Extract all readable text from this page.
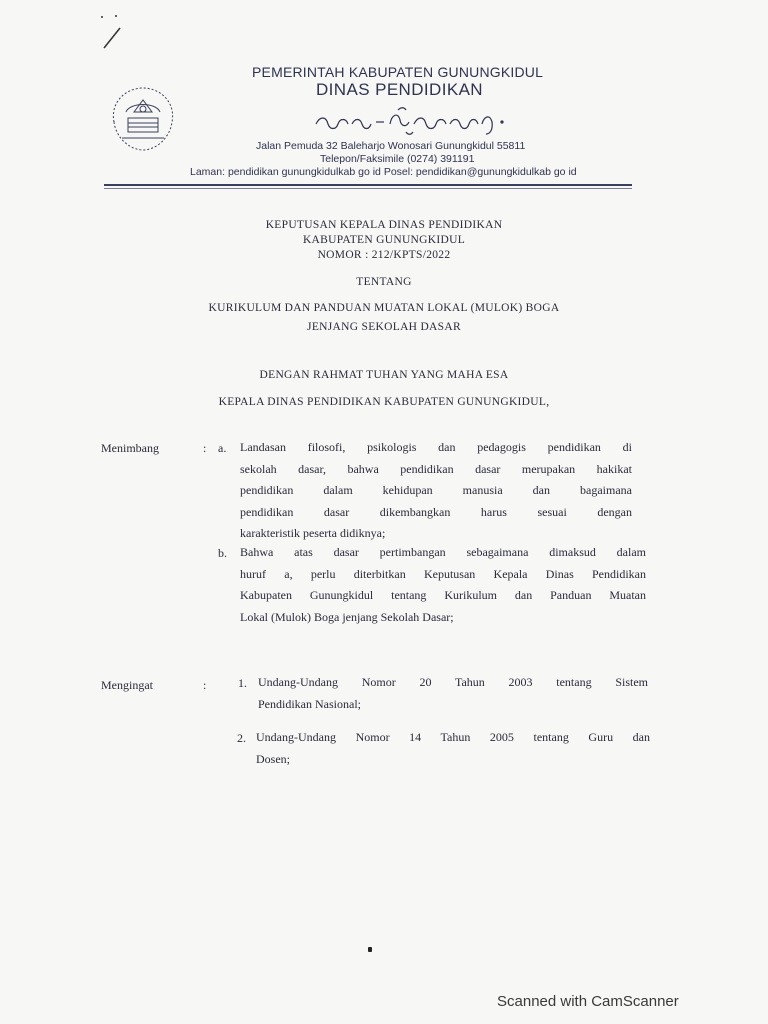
PEMERINTAH KABUPATEN GUNUNGKIDUL
DINAS PENDIDIKAN
Jalan Pemuda 32 Baleharjo Wonosari Gunungkidul 55811
Telepon/Faksimile (0274) 391191
Laman: pendidikan gunungkidulkab go id Posel: pendidikan@gunungkidulkab go id
KEPUTUSAN KEPALA DINAS PENDIDIKAN
KABUPATEN GUNUNGKIDUL
NOMOR : 212/KPTS/2022
TENTANG
KURIKULUM DAN PANDUAN MUATAN LOKAL (MULOK) BOGA
JENJANG SEKOLAH DASAR
DENGAN RAHMAT TUHAN YANG MAHA ESA
KEPALA DINAS PENDIDIKAN KABUPATEN GUNUNGKIDUL,
Menimbang	: a. Landasan filosofi, psikologis dan pedagogis pendidikan di
sekolah dasar, bahwa pendidikan dasar merupakan hakikat
pendidikan dalam kehidupan manusia dan bagaimana
pendidikan dasar dikembangkan harus sesuai dengan
karakteristik peserta didiknya;
b. Bahwa atas dasar pertimbangan sebagaimana dimaksud dalam
huruf a, perlu diterbitkan Keputusan Kepala Dinas Pendidikan
Kabupaten Gunungkidul tentang Kurikulum dan Panduan Muatan
Lokal (Mulok) Boga jenjang Sekolah Dasar;
Mengingat	:	1. Undang-Undang Nomor 20 Tahun 2003 tentang Sistem
Pendidikan Nasional;
2. Undang-Undang Nomor 14 Tahun 2005 tentang Guru dan
Dosen;
Scanned with CamScanner
